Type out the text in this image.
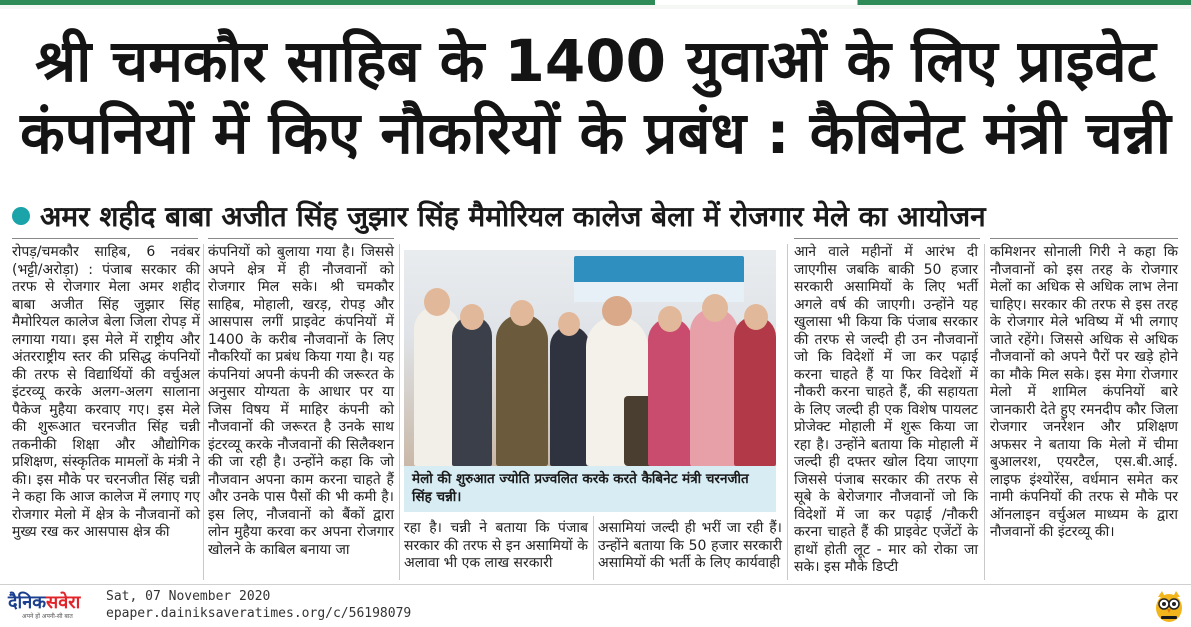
श्री चमकौर साहिब के 1400 युवाओं के लिए प्राइवेट
कंपनियों में किए नौकरियों के प्रबंध : कैबिनेट मंत्री चन्नी
अमर शहीद बाबा अजीत सिंह जुझार सिंह मैमोरियल कालेज बेला में रोजगार मेले का आयोजन

रोपड़/चमकौर साहिब, 6 नवंबर (भट्टी/अरोड़ा) : पंजाब सरकार की तरफ से रोजगार मेला अमर शहीद बाबा अजीत सिंह जुझार सिंह मैमोरियल कालेज बेला जिला रोपड़ में लगाया गया। इस मेले में राष्ट्रीय और अंतरराष्ट्रीय स्तर की प्रसिद्ध कंपनियों की तरफ से विद्यार्थियों की वर्चुअल इंटरव्यू करके अलग-अलग सालाना पैकेज मुहैया करवाए गए। इस मेले की शुरूआत चरनजीत सिंह चन्नी तकनीकी शिक्षा और औद्योगिक प्रशिक्षण, संस्कृतिक मामलों के मंत्री ने की। इस मौके पर चरनजीत सिंह चन्नी ने कहा कि आज कालेज में लगाए गए रोजगार मेलो में क्षेत्र के नौजवानों को मुख्य रख कर आसपास क्षेत्र की

कंपनियों को बुलाया गया है। जिससे अपने क्षेत्र में ही नौजवानों को रोजगार मिल सके। श्री चमकौर साहिब, मोहाली, खरड़, रोपड़ और आसपास लगीं प्राइवेट कंपनियों में 1400 के करीब नौजवानों के लिए नौकरियों का प्रबंध किया गया है। यह कंपनियां अपनी कंपनी की जरूरत के अनुसार योग्यता के आधार पर या जिस विषय में माहिर कंपनी को नौजवानों की जरूरत है उनके साथ इंटरव्यू करके नौजवानों की सिलैक्शन की जा रही है। उन्होंने कहा कि जो नौजवान अपना काम करना चाहते हैं और उनके पास पैसों की भी कमी है। इस लिए, नौजवानों को बैंकों द्वारा लोन मुहैया करवा कर अपना रोजगार खोलने के काबिल बनाया जा

रहा है। चन्नी ने बताया कि पंजाब सरकार की तरफ से इन असामियों के अलावा भी एक लाख सरकारी

असामियां जल्दी ही भरीं जा रही हैं। उन्होंने बताया कि 50 हजार सरकारी असामियों की भर्ती के लिए कार्यवाही

आने वाले महीनों में आरंभ दी जाएगीस जबकि बाकी 50 हजार सरकारी असामियों के लिए भर्ती अगले वर्ष की जाएगी। उन्होंने यह खुलासा भी किया कि पंजाब सरकार की तरफ से जल्दी ही उन नौजवानों जो कि विदेशों में जा कर पढ़ाई करना चाहते हैं या फिर विदेशों में नौकरी करना चाहते हैं, की सहायता के लिए जल्दी ही एक विशेष पायलट प्रोजेक्ट मोहाली में शुरू किया जा रहा है। उन्होंने बताया कि मोहाली में जल्दी ही दफ्तर खोल दिया जाएगा जिससे पंजाब सरकार की तरफ से सूबे के बेरोजगार नौजवानों जो कि विदेशों में जा कर पढ़ाई /नौकरी करना चाहते हैं की प्राइवेट एजेंटों के हाथों होती लूट - मार को रोका जा सके। इस मौके डिप्टी

कमिशनर सोनाली गिरी ने कहा कि नौजवानों को इस तरह के रोजगार मेलों का अधिक से अधिक लाभ लेना चाहिए। सरकार की तरफ से इस तरह के रोजगार मेले भविष्य में भी लगाए जाते रहेंगे। जिससे अधिक से अधिक नौजवानों को अपने पैरों पर खड़े होने का मौके मिल सके। इस मेगा रोजगार मेलो में शामिल कंपनियों बारे जानकारी देते हुए रमनदीप कौर जिला रोजगार जनरेशन और प्रशिक्षण अफसर ने बताया कि मेलो में चीमा बुआलरश, एयरटैल, एस.बी.आई. लाइफ इंश्योरेंस, वर्धमान समेत कर नामी कंपनियों की तरफ से मौके पर ऑनलाइन वर्चुअल माध्यम के द्वारा नौजवानों की इंटरव्यू की।

मेलो की शुरुआत ज्योति प्रज्वलित करके करते कैबिनेट मंत्री चरनजीत सिंह चन्नी।
दैनिकसवेरा
अपने हों अपनी-सी बात
Sat, 07 November 2020
epaper.dainiksaveratimes.org/c/56198079
